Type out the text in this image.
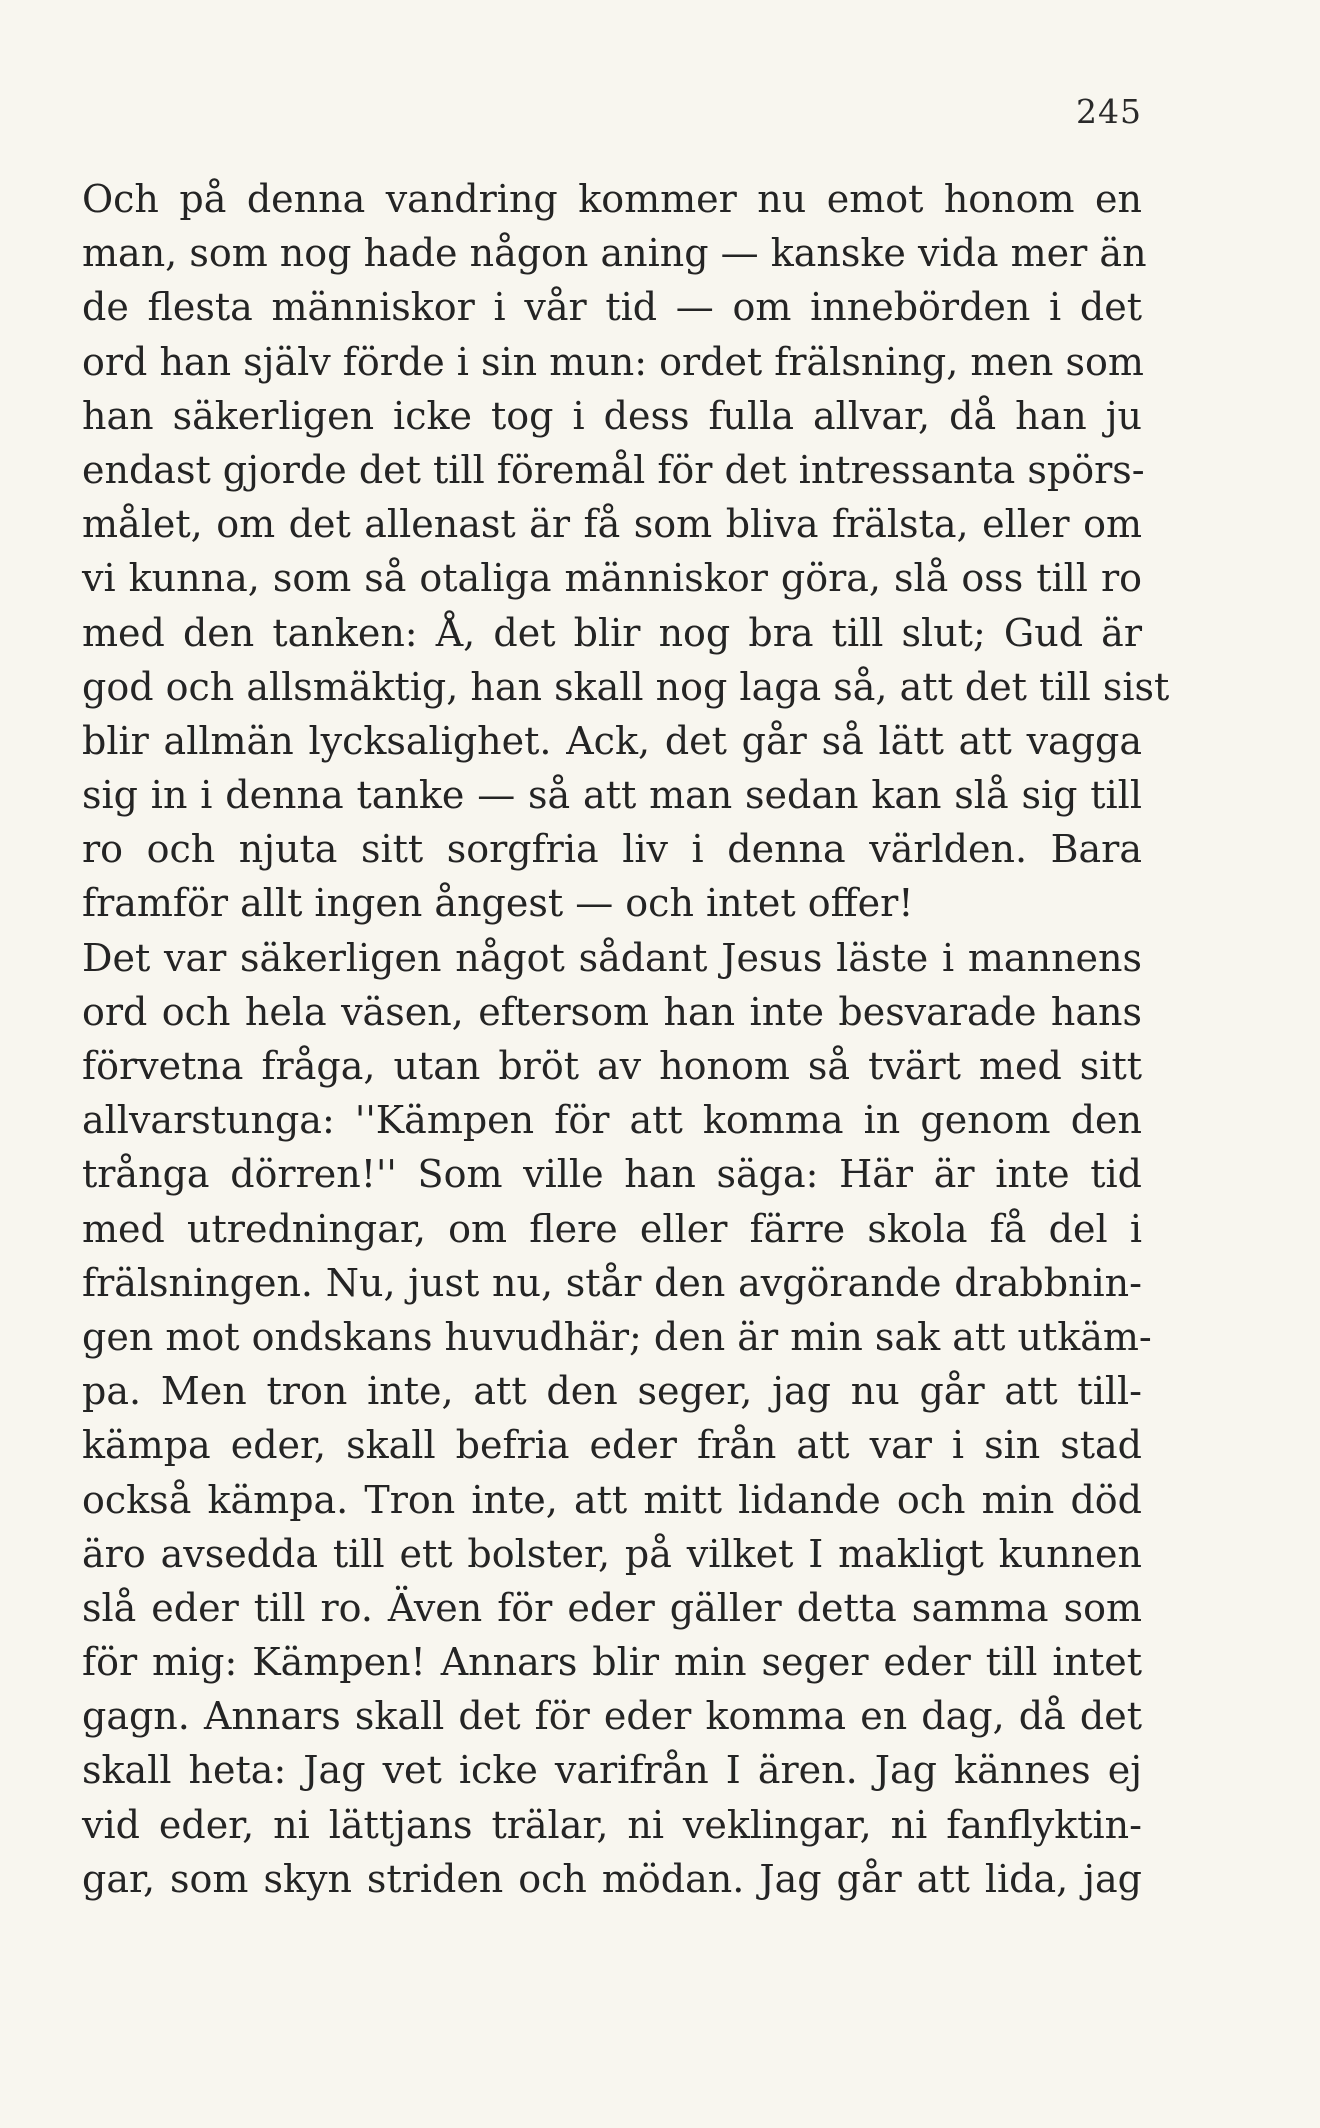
245
Och på denna vandring kommer nu emot honom en
man, som nog hade någon aning — kanske vida mer än
de flesta människor i vår tid — om innebörden i det
ord han själv förde i sin mun: ordet frälsning, men som
han säkerligen icke tog i dess fulla allvar, då han ju
endast gjorde det till föremål för det intressanta spörs-
målet, om det allenast är få som bliva frälsta, eller om
vi kunna, som så otaliga människor göra, slå oss till ro
med den tanken: Å, det blir nog bra till slut; Gud är
god och allsmäktig, han skall nog laga så, att det till sist
blir allmän lycksalighet. Ack, det går så lätt att vagga
sig in i denna tanke — så att man sedan kan slå sig till
ro och njuta sitt sorgfria liv i denna världen. Bara
framför allt ingen ångest — och intet offer!
Det var säkerligen något sådant Jesus läste i mannens
ord och hela väsen, eftersom han inte besvarade hans
förvetna fråga, utan bröt av honom så tvärt med sitt
allvarstunga: ''Kämpen för att komma in genom den
trånga dörren!'' Som ville han säga: Här är inte tid
med utredningar, om flere eller färre skola få del i
frälsningen. Nu, just nu, står den avgörande drabbnin-
gen mot ondskans huvudhär; den är min sak att utkäm-
pa. Men tron inte, att den seger, jag nu går att till-
kämpa eder, skall befria eder från att var i sin stad
också kämpa. Tron inte, att mitt lidande och min död
äro avsedda till ett bolster, på vilket I makligt kunnen
slå eder till ro. Även för eder gäller detta samma som
för mig: Kämpen! Annars blir min seger eder till intet
gagn. Annars skall det för eder komma en dag, då det
skall heta: Jag vet icke varifrån I ären. Jag kännes ej
vid eder, ni lättjans trälar, ni veklingar, ni fanflyktin-
gar, som skyn striden och mödan. Jag går att lida, jag
